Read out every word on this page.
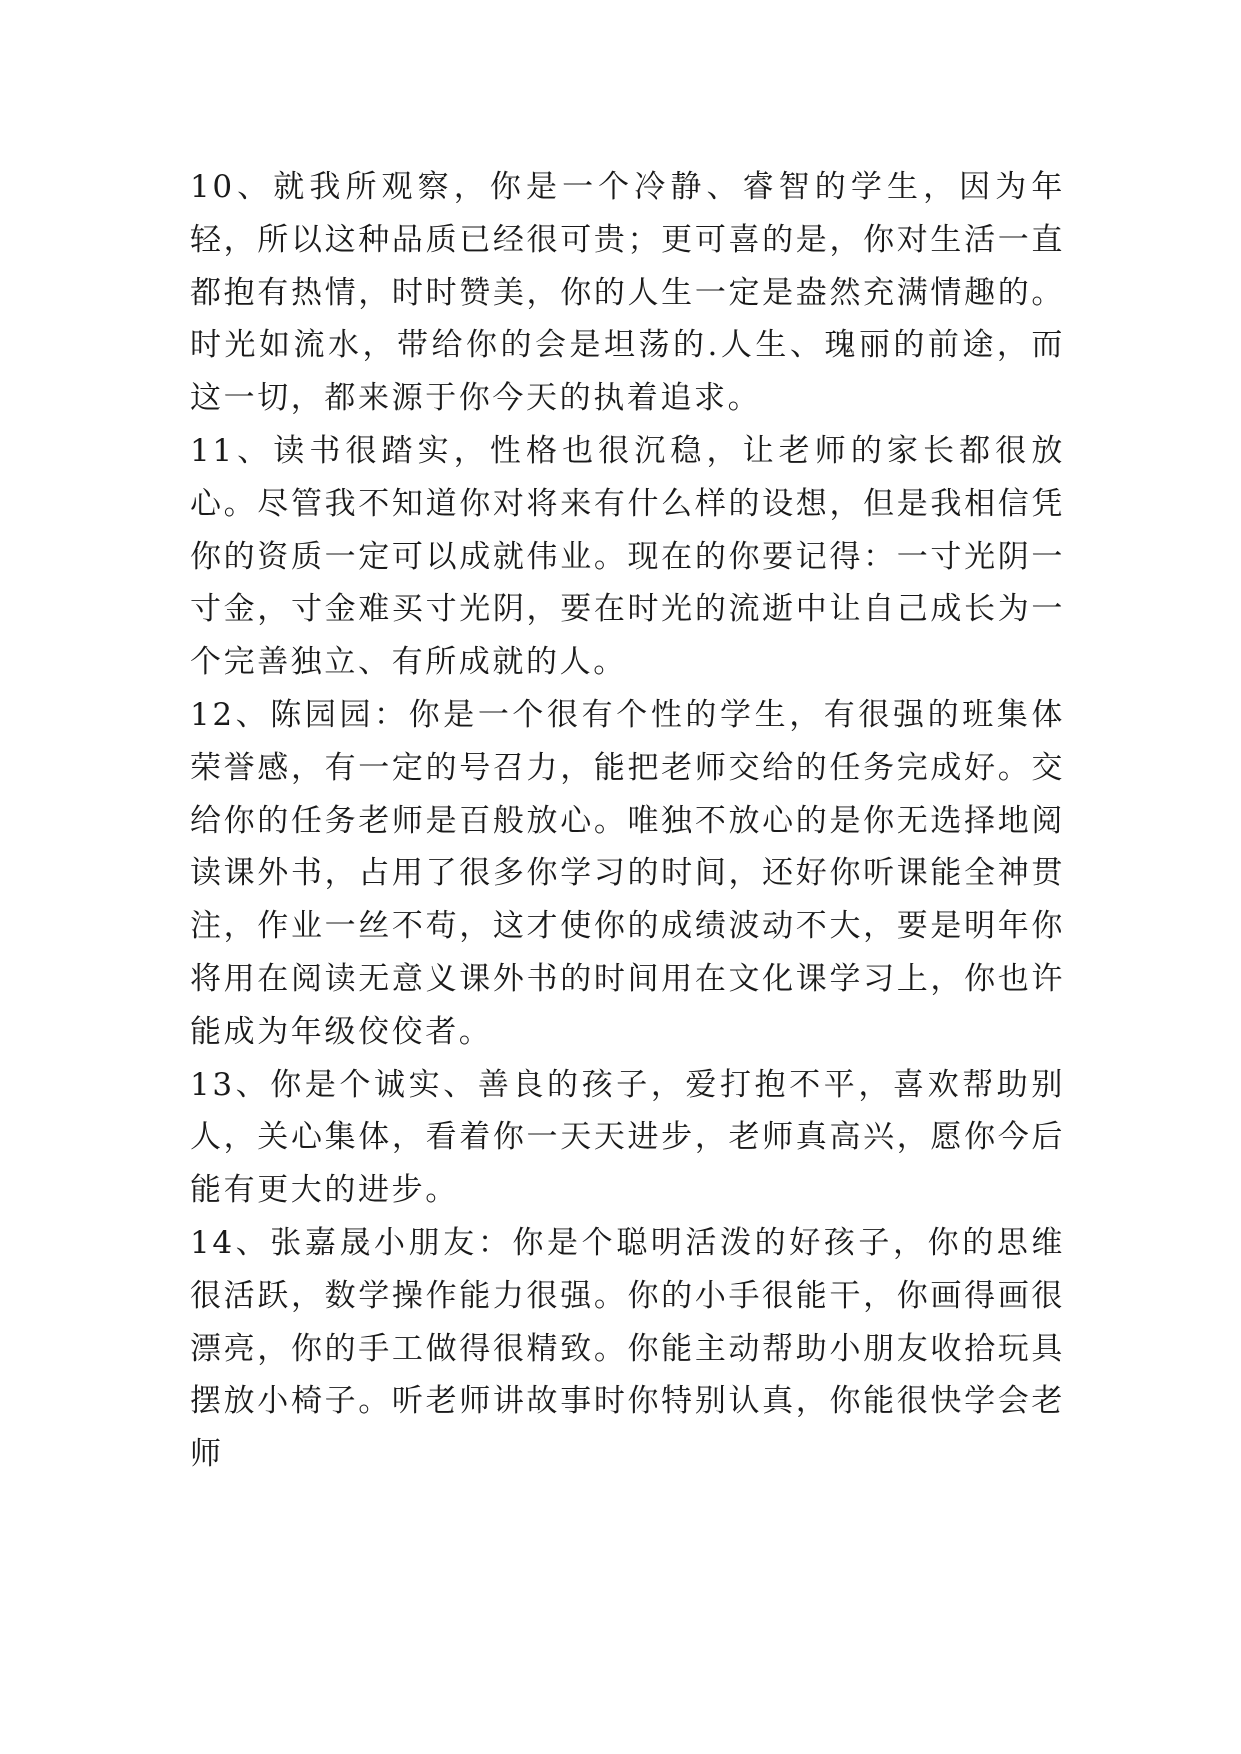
10、就我所观察，你是一个冷静、睿智的学生，因为年轻，所以这种品质已经很可贵；更可喜的是，你对生活一直都抱有热情，时时赞美，你的人生一定是盎然充满情趣的。时光如流水，带给你的会是坦荡的.人生、瑰丽的前途，而这一切，都来源于你今天的执着追求。

11、读书很踏实，性格也很沉稳，让老师的家长都很放心。尽管我不知道你对将来有什么样的设想，但是我相信凭你的资质一定可以成就伟业。现在的你要记得：一寸光阴一寸金，寸金难买寸光阴，要在时光的流逝中让自己成长为一个完善独立、有所成就的人。

12、陈园园：你是一个很有个性的学生，有很强的班集体荣誉感，有一定的号召力，能把老师交给的任务完成好。交给你的任务老师是百般放心。唯独不放心的是你无选择地阅读课外书，占用了很多你学习的时间，还好你听课能全神贯注，作业一丝不苟，这才使你的成绩波动不大，要是明年你将用在阅读无意义课外书的时间用在文化课学习上，你也许能成为年级佼佼者。

13、你是个诚实、善良的孩子，爱打抱不平，喜欢帮助别人，关心集体，看着你一天天进步，老师真高兴，愿你今后能有更大的进步。

14、张嘉晟小朋友：你是个聪明活泼的好孩子，你的思维很活跃，数学操作能力很强。你的小手很能干，你画得画很漂亮，你的手工做得很精致。你能主动帮助小朋友收拾玩具摆放小椅子。听老师讲故事时你特别认真，你能很快学会老师
